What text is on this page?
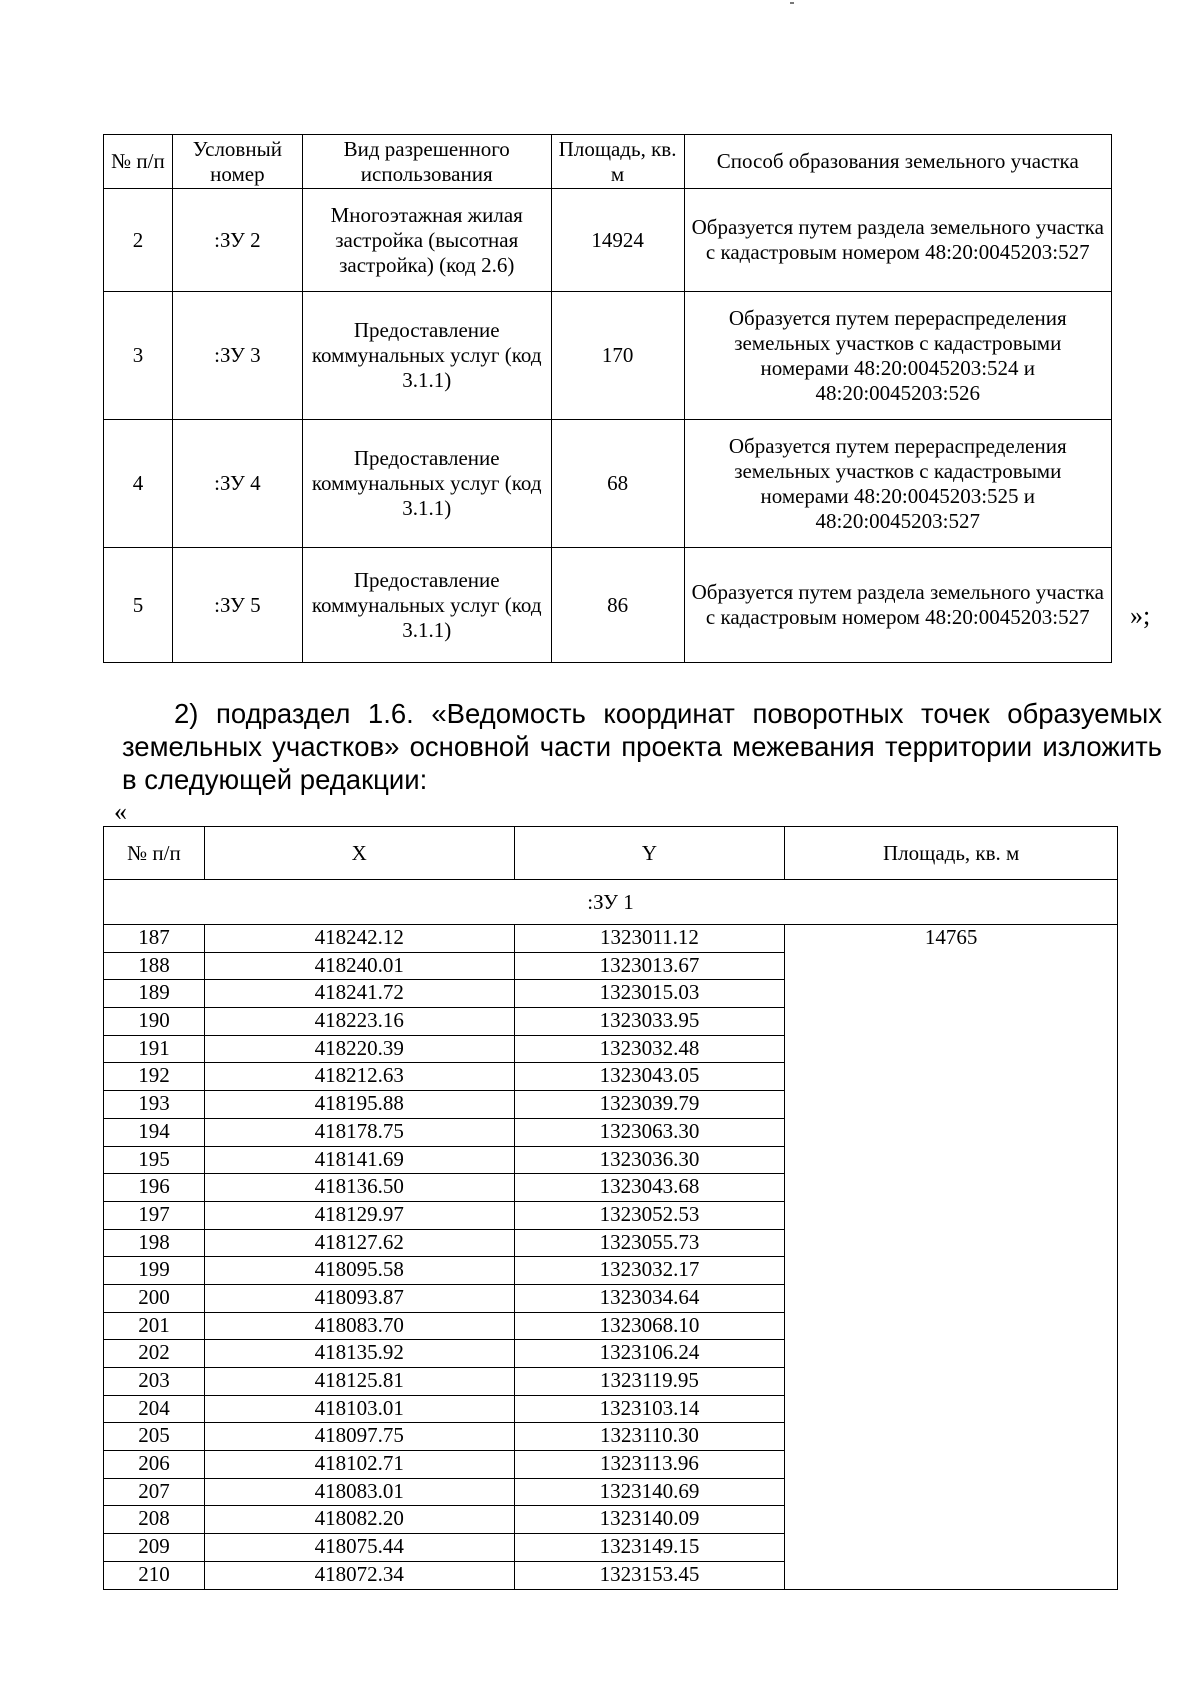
№ п/п	Условный номер	Вид разрешенного использования	Площадь, кв. м	Способ образования земельного участка
2	:ЗУ 2	Многоэтажная жилая застройка (высотная застройка) (код 2.6)	14924	Образуется путем раздела земельного участка с кадастровым номером 48:20:0045203:527
3	:ЗУ 3	Предоставление коммунальных услуг (код 3.1.1)	170	Образуется путем перераспределения земельных участков с кадастровыми номерами 48:20:0045203:524 и 48:20:0045203:526
4	:ЗУ 4	Предоставление коммунальных услуг (код 3.1.1)	68	Образуется путем перераспределения земельных участков с кадастровыми номерами 48:20:0045203:525 и 48:20:0045203:527
5	:ЗУ 5	Предоставление коммунальных услуг (код 3.1.1)	86	Образуется путем раздела земельного участка с кадастровым номером 48:20:0045203:527 »;

2) подраздел 1.6. «Ведомость координат поворотных точек образуемых земельных участков» основной части проекта межевания территории изложить в следующей редакции:

«
№ п/п	X	Y	Площадь, кв. м
:ЗУ 1			
187	418242.12	1323011.12	14765
188	418240.01	1323013.67	
189	418241.72	1323015.03	
190	418223.16	1323033.95	
191	418220.39	1323032.48	
192	418212.63	1323043.05	
193	418195.88	1323039.79	
194	418178.75	1323063.30	
195	418141.69	1323036.30	
196	418136.50	1323043.68	
197	418129.97	1323052.53	
198	418127.62	1323055.73	
199	418095.58	1323032.17	
200	418093.87	1323034.64	
201	418083.70	1323068.10	
202	418135.92	1323106.24	
203	418125.81	1323119.95	
204	418103.01	1323103.14	
205	418097.75	1323110.30	
206	418102.71	1323113.96	
207	418083.01	1323140.69	
208	418082.20	1323140.09	
209	418075.44	1323149.15	
210	418072.34	1323153.45	
